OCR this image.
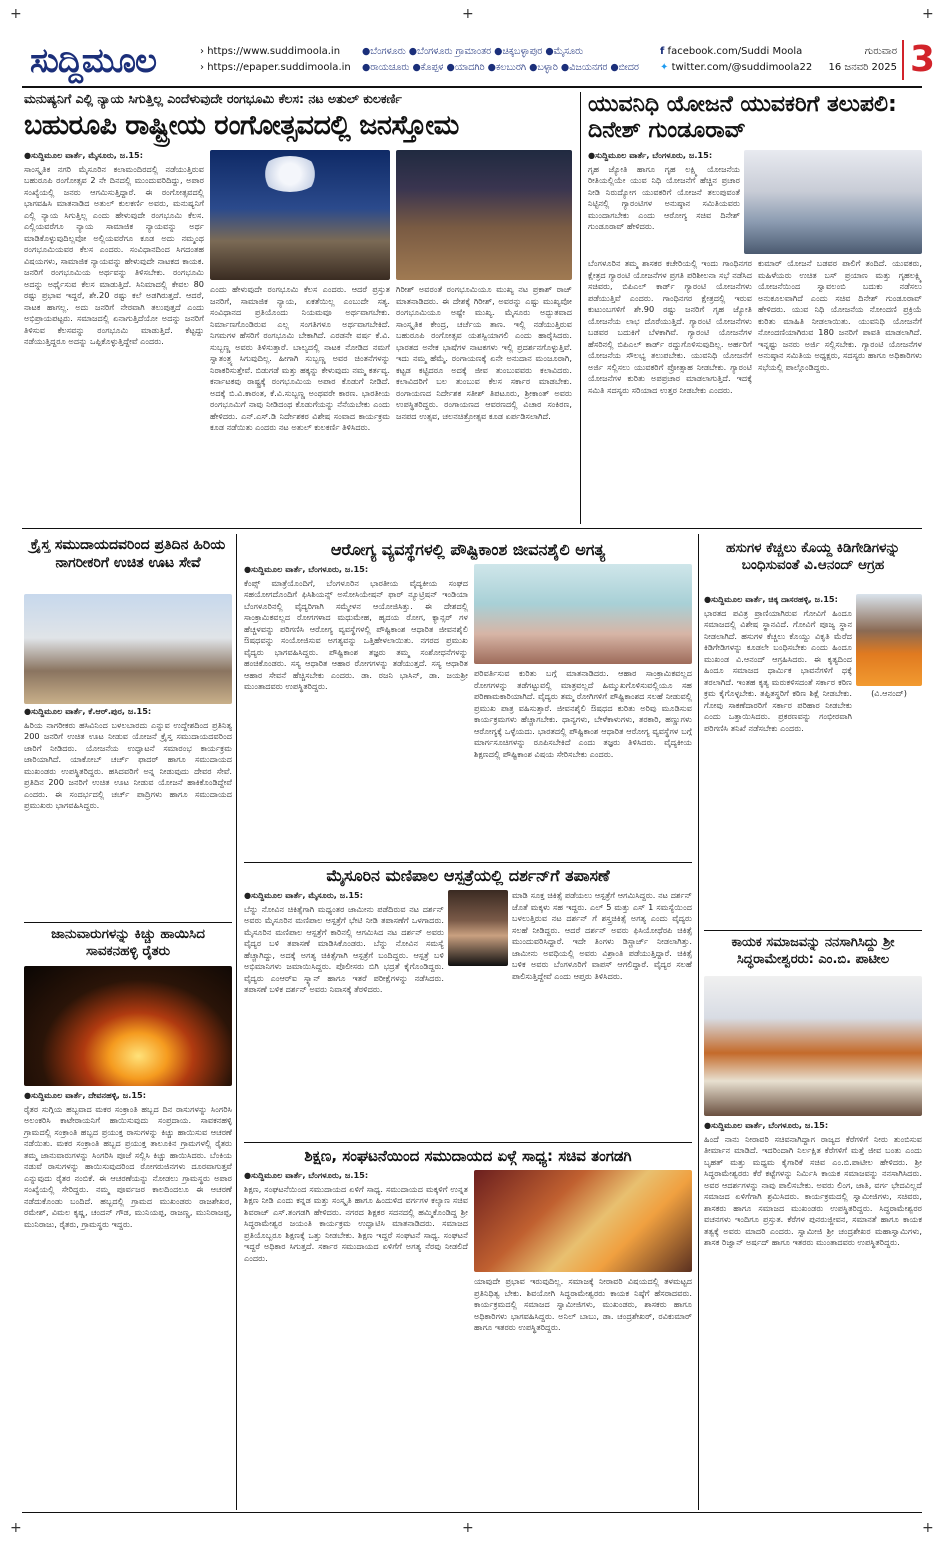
+	+	+
+	+	+
ಸುದ್ದಿಮೂಲ	› https://www.suddimoola.in
› https://epaper.suddimoola.in
●ಬೆಂಗಳೂರು ●ಬೆಂಗಳೂರು ಗ್ರಾಮಾಂತರ ●ಚಿಕ್ಕಬಳ್ಳಾಪುರ ●ಮೈಸೂರು
●ರಾಯಚೂರು ●ಕೊಪ್ಪಳ ●ಯಾದಗಿರಿ ●ಕಲಬುರಗಿ ●ಬಳ್ಳಾರಿ ●ವಿಜಯನಗರ ●ಬೀದರ
f facebook.com/Suddi Moola
✦ twitter.com/@suddimoola22
ಗುರುವಾರ
16 ಜನವರಿ 2025 3
ಮನುಷ್ಯನಿಗೆ ಎಲ್ಲಿ ನ್ಯಾಯ ಸಿಗುತ್ತಿಲ್ಲ ಎಂದೆಳುವುದೇ ರಂಗಭೂಮಿ ಕೆಲಸ: ನಟ ಅತುಲ್ ಕುಲಕರ್ಣಿ
ಬಹುರೂಪಿ ರಾಷ್ಟ್ರೀಯ ರಂಗೋತ್ಸವದಲ್ಲಿ ಜನಸ್ತೋಮ

●ಸುದ್ದಿಮೂಲ ವಾರ್ತೆ, ಮೈಸೂರು, ಜ.15:

ಸಾಂಸ್ಕೃತಿಕ ನಗರಿ ಮೈಸೂರಿನ ಕಲಾಮಂದಿರದಲ್ಲಿ ನಡೆಯುತ್ತಿರುವ ಬಹುರೂಪಿ ರಂಗೋತ್ಸವ 2 ನೇ ದಿನದಲ್ಲಿ ಮುಂದುವರಿದಿದ್ದು, ಅಪಾರ ಸಂಖ್ಯೆಯಲ್ಲಿ ಜನರು ಆಗಮಿಸುತ್ತಿದ್ದಾರೆ. ಈ ರಂಗೋತ್ಸವದಲ್ಲಿ ಭಾಗವಹಿಸಿ ಮಾತನಾಡಿದ ಅತುಲ್ ಕುಲಕರ್ಣಿ ಅವರು, ಮನುಷ್ಯನಿಗೆ ಎಲ್ಲಿ ನ್ಯಾಯ ಸಿಗುತ್ತಿಲ್ಲ ಎಂದು ಹೇಳುವುದೇ ರಂಗಭೂಮಿ ಕೆಲಸ. ಎಲ್ಲಿಯವರೆಗೂ ನ್ಯಾಯ ಸಾಮಾಜಿಕ ನ್ಯಾಯವನ್ನು ಅರ್ಥ ಮಾಡಿಕೊಳ್ಳುವುದಿಲ್ಲವೋ ಅಲ್ಲಿಯವರೆಗೂ ಕೂಡ ಅದು ನಮ್ಮಂಥ ರಂಗಭೂಮಿಯವರ ಕೆಲಸ ಎಂದರು. ಸಂವಿಧಾನದಿಂದ ಸಿಗದಂತಹ ವಿಷಯಗಳು, ಸಾಮಾಜಿಕ ನ್ಯಾಯವನ್ನು ಹೇಳುವುದೇ ನಾಟಕದ ಕಾಯಕ. ಜನರಿಗೆ ರಂಗಭೂಮಿಯ ಅರ್ಥವನ್ನು ತಿಳಿಸಬೇಕು. ರಂಗಭೂಮಿ ಅದನ್ನು ಅರ್ಥೈಸುವ ಕೆಲಸ ಮಾಡುತ್ತಿದೆ. ಸಿನಿಮಾದಲ್ಲಿ ಕೇವಲ 80 ರಷ್ಟು ಪ್ರಭಾವ ಇದ್ದರೆ, ಶೇ.20 ರಷ್ಟು ಕಲೆ ಅಡಗಿರುತ್ತದೆ. ಆದರೆ, ನಾಟಕ ಹಾಗಲ್ಲ. ಅದು ಜನರಿಗೆ ನೇರವಾಗಿ ತಲುಪುತ್ತದೆ ಎಂದು ಅಭಿಪ್ರಾಯಪಟ್ಟರು. ಸಮಾಜದಲ್ಲಿ ಏನಾಗುತ್ತಿದೆಯೋ ಅದನ್ನು ಜನರಿಗೆ ತಿಳಿಸುವ ಕೆಲಸವನ್ನು ರಂಗಭೂಮಿ ಮಾಡುತ್ತಿದೆ. ಕೆಟ್ಟದ್ದು ನಡೆಯುತ್ತಿದ್ದರೂ ಅದನ್ನು ಒಪ್ಪಿಕೊಳ್ಳುತ್ತಿದ್ದೇವೆ ಎಂದರು.

ಎಂದು ಹೇಳುವುದೇ ರಂಗಭೂಮಿ ಕೆಲಸ ಎಂದರು. ಆದರೆ ಪ್ರಸ್ತುತ ಜನರಿಗೆ, ಸಾಮಾಜಿಕ ನ್ಯಾಯ, ಏಕತೆಯಿಲ್ಲ ಎಂಬುದೇ ಸತ್ಯ. ಸಂವಿಧಾನದ ಪ್ರತಿಯೊಂದು ನಿಯಮವೂ ಅರ್ಥವಾಗಬೇಕು. ನಿರ್ಮಾಣಗೊಂಡಿರುವ ಎಲ್ಲ ಸಂಗತಿಗಳೂ ಅರ್ಥವಾಗಬೇಕಿದೆ. ನಿಗಮಗಳ ಹೆಸರಿಗೆ ರಂಗಭೂಮಿ ಬೇಕಾಗಿದೆ. ಎರಡನೇ ವರ್ಷ ಕೆ.ವಿ. ಸುಬ್ಬಣ್ಣ ಅವರು ತಿಳಿಸುತ್ತಾರೆ. ಬಾಲ್ಯದಲ್ಲಿ ನಾಟಕ ನೋಡಿದ ನಮಗೆ ಸ್ವಾತಂತ್ರ್ಯ ಸಿಗುವುದಿಲ್ಲ. ಹೀಗಾಗಿ ಸುಬ್ಬಣ್ಣ ಅವರ ಚಿಂತನೆಗಳನ್ನು ನಿರಾಕರಿಸುತ್ತೇವೆ. ಬಿಡುಗಡೆ ಮತ್ತು ಹಕ್ಕನ್ನು ಕೇಳುವುದು ನಮ್ಮ ಕರ್ತವ್ಯ. ಕರ್ನಾಟಕವು ರಾಷ್ಟ್ರಕ್ಕೆ ರಂಗಭೂಮಿಯ ಅಪಾರ ಕೊಡುಗೆ ನೀಡಿದೆ. ಅದಕ್ಕೆ ಬಿ.ವಿ.ಕಾರಂತ, ಕೆ.ವಿ.ಸುಬ್ಬಣ್ಣ ಅಂಥವರೇ ಕಾರಣ. ಭಾರತೀಯ ರಂಗಭೂಮಿಗೆ ನಾವು ನೀಡಿದಂಥ ಕೊಡುಗೆಯನ್ನು ನೆನೆಯಬೇಕು ಎಂದು ಹೇಳಿದರು. ಎನ್.ಎಸ್.ಡಿ ನಿರ್ದೇಶಕರ ವಿಶೇಷ ಸಂವಾದ ಕಾರ್ಯಕ್ರಮ ಕೂಡ ನಡೆಯಿತು ಎಂದರು ನಟ ಅತುಲ್ ಕುಲಕರ್ಣಿ ತಿಳಿಸಿದರು.

ಗಿರೀಶ್ ಅವರಂತೆ ರಂಗಭೂಮಿಯೂ ಮುಖ್ಯ ನಟ ಪ್ರಕಾಶ್ ರಾಜ್ ಮಾತನಾಡಿದರು. ಈ ದೇಶಕ್ಕೆ ಗಿರೀಶ್, ಅವರನ್ನು ಎಷ್ಟು ಮುಖ್ಯವೋ ರಂಗಭೂಮಿಯೂ ಅಷ್ಟೇ ಮುಖ್ಯ. ಮೈಸೂರು ಅದ್ಭುತವಾದ ಸಾಂಸ್ಕೃತಿಕ ಕೇಂದ್ರ, ಚರ್ಚೆಯ ತಾಣ. ಇಲ್ಲಿ ನಡೆಯುತ್ತಿರುವ ಬಹುರೂಪಿ ರಂಗೋತ್ಸವ ಯಶಸ್ವಿಯಾಗಲಿ ಎಂದು ಹಾರೈಸಿದರು. ಭಾರತದ ಅನೇಕ ಭಾಷೆಗಳ ನಾಟಕಗಳು ಇಲ್ಲಿ ಪ್ರದರ್ಶನಗೊಳ್ಳುತ್ತಿವೆ. ಇದು ನಮ್ಮ ಹೆಮ್ಮೆ. ರಂಗಾಯಣಕ್ಕೆ ಏನೇ ಅನುದಾನ ಮಂಜೂರಾಗಿ, ಕಟ್ಟಡ ಕಟ್ಟಿದರೂ ಅದಕ್ಕೆ ಜೀವ ತುಂಬುವವರು ಕಲಾವಿದರು. ಕಲಾವಿದರಿಗೆ ಬಲ ತುಂಬುವ ಕೆಲಸ ಸರ್ಕಾರ ಮಾಡಬೇಕು. ರಂಗಾಯಣದ ನಿರ್ದೇಶಕ ಸತೀಶ್ ತಿಪಟೂರು, ಶ್ರೀಕಾಂತ್ ಅವರು ಉಪಸ್ಥಿತರಿದ್ದರು. ರಂಗಾಯಣದ ಆವರಣದಲ್ಲಿ ವಿಚಾರ ಸಂಕಿರಣ, ಜನಪದ ಉತ್ಸವ, ಚಲನಚಿತ್ರೋತ್ಸವ ಕೂಡ ಏರ್ಪಡಿಸಲಾಗಿದೆ.

ಯುವನಿಧಿ ಯೋಜನೆ ಯುವಕರಿಗೆ ತಲುಪಲಿ: ದಿನೇಶ್ ಗುಂಡೂರಾವ್

●ಸುದ್ದಿಮೂಲ ವಾರ್ತೆ, ಬೆಂಗಳೂರು, ಜ.15:

ಗೃಹ ಜ್ಯೋತಿ ಹಾಗೂ ಗೃಹ ಲಕ್ಷ್ಮಿ ಯೋಜನೆಯ ರೀತಿಯಲ್ಲಿಯೇ ಯುವ ನಿಧಿ ಯೋಜನೆಗೆ ಹೆಚ್ಚಿನ ಪ್ರಚಾರ ನೀಡಿ ನಿರುದ್ಯೋಗ ಯುವಕರಿಗೆ ಯೋಜನೆ ತಲುಪುವಂತೆ ನಿಟ್ಟಿನಲ್ಲಿ ಗ್ಯಾರಂಟಿಗಳ ಅನುಷ್ಠಾನ ಸಮಿತಿಯವರು ಮುಂದಾಗಬೇಕು ಎಂದು ಆರೋಗ್ಯ ಸಚಿವ ದಿನೇಶ್ ಗುಂಡೂರಾವ್ ಹೇಳಿದರು.

ಬೆಂಗಳೂರಿನ ತಮ್ಮ ಶಾಸಕರ ಕಚೇರಿಯಲ್ಲಿ ಇಂದು ಗಾಂಧಿನಗರ ಕ್ಷೇತ್ರದ ಗ್ಯಾರಂಟಿ ಯೋಜನೆಗಳ ಪ್ರಗತಿ ಪರಿಶೀಲನಾ ಸಭೆ ನಡೆಸಿದ ಸಚಿವರು, ಬಿಪಿಎಲ್ ಕಾರ್ಡ್ ಗ್ಯಾರಂಟಿ ಯೋಜನೆಗಳು ಪಡೆಯುತ್ತಿವೆ ಎಂದರು. ಗಾಂಧಿನಗರ ಕ್ಷೇತ್ರದಲ್ಲಿ ಇರುವ ಕುಟುಂಬಗಳಿಗೆ ಶೇ.90 ರಷ್ಟು ಜನರಿಗೆ ಗೃಹ ಜ್ಯೋತಿ ಯೋಜನೆಯ ಲಾಭ ದೊರೆಯುತ್ತಿದೆ. ಗ್ಯಾರಂಟಿ ಯೋಜನೆಗಳು ಬಡವರ ಬದುಕಿಗೆ ಬೆಳಕಾಗಿವೆ. ಗ್ಯಾರಂಟಿ ಯೋಜನೆಗಳ ಹೆಸರಿನಲ್ಲಿ ಬಿಪಿಎಲ್ ಕಾರ್ಡ್ ರದ್ದುಗೊಳಿಸುವುದಿಲ್ಲ. ಅರ್ಹರಿಗೆ ಯೋಜನೆಯ ಸೌಲಭ್ಯ ತಲುಪಬೇಕು. ಯುವನಿಧಿ ಯೋಜನೆಗೆ ಅರ್ಜಿ ಸಲ್ಲಿಸಲು ಯುವಕರಿಗೆ ಪ್ರೋತ್ಸಾಹ ನೀಡಬೇಕು. ಗ್ಯಾರಂಟಿ ಯೋಜನೆಗಳ ಕುರಿತು ಅಪಪ್ರಚಾರ ಮಾಡಲಾಗುತ್ತಿದೆ. ಇದಕ್ಕೆ ಸಮಿತಿ ಸದಸ್ಯರು ಸರಿಯಾದ ಉತ್ತರ ನೀಡಬೇಕು ಎಂದರು.

ಕುಮಾರ್ ಯೋಜನೆ ಬಡವರ ಪಾಲಿಗೆ ತಂದಿದೆ. ಯುವಕರು, ಮಹಿಳೆಯರು ಉಚಿತ ಬಸ್ ಪ್ರಯಾಣ ಮತ್ತು ಗೃಹಲಕ್ಷ್ಮಿ ಯೋಜನೆಯಿಂದ ಸ್ವಾವಲಂಬಿ ಬದುಕು ನಡೆಸಲು ಅನುಕೂಲವಾಗಿದೆ ಎಂದು ಸಚಿವ ದಿನೇಶ್ ಗುಂಡೂರಾವ್ ಹೇಳಿದರು. ಯುವ ನಿಧಿ ಯೋಜನೆಯ ನೋಂದಣಿ ಪ್ರಕ್ರಿಯೆ ಕುರಿತು ಮಾಹಿತಿ ನೀಡಲಾಯಿತು. ಯುವನಿಧಿ ಯೋಜನೆಗೆ ನೋಂದಣಿಯಾಗಿರುವ 180 ಜನರಿಗೆ ಪಾವತಿ ಮಾಡಲಾಗಿದೆ. ಇನ್ನಷ್ಟು ಜನರು ಅರ್ಜಿ ಸಲ್ಲಿಸಬೇಕು. ಗ್ಯಾರಂಟಿ ಯೋಜನೆಗಳ ಅನುಷ್ಠಾನ ಸಮಿತಿಯ ಅಧ್ಯಕ್ಷರು, ಸದಸ್ಯರು ಹಾಗೂ ಅಧಿಕಾರಿಗಳು ಸಭೆಯಲ್ಲಿ ಪಾಲ್ಗೊಂಡಿದ್ದರು.

ಕ್ರೈಸ್ತ ಸಮುದಾಯದವರಿಂದ ಪ್ರತಿದಿನ ಹಿರಿಯ ನಾಗರೀಕರಿಗೆ ಉಚಿತ ಊಟ ಸೇವೆ

●ಸುದ್ದಿಮೂಲ ವಾರ್ತೆ, ಕೆ.ಆರ್.ಪುರ, ಜ.15:

ಹಿರಿಯ ನಾಗರೀಕರು ಹಸಿವಿನಿಂದ ಬಳಲಬಾರದು ಎನ್ನುವ ಉದ್ದೇಶದಿಂದ ಪ್ರತಿನಿತ್ಯ 200 ಜನರಿಗೆ ಉಚಿತ ಊಟ ನೀಡುವ ಯೋಜನೆ ಕ್ರೈಸ್ತ ಸಮುದಾಯದವರಿಂದ ಜಾರಿಗೆ ನೀಡಿದರು. ಯೋಜನೆಯ ಉದ್ಘಾಟನೆ ಸಮಾರಂಭ ಕಾರ್ಯಕ್ರಮ ಜಾರಿಯಾಗಿದೆ. ಯಾಕೋಬ್ ಚರ್ಚ್ ಫಾದರ್ ಹಾಗೂ ಸಮುದಾಯದ ಮುಖಂಡರು ಉಪಸ್ಥಿತರಿದ್ದರು. ಹಸಿದವರಿಗೆ ಅನ್ನ ನೀಡುವುದು ದೇವರ ಸೇವೆ. ಪ್ರತಿದಿನ 200 ಜನರಿಗೆ ಉಚಿತ ಊಟ ನೀಡುವ ಯೋಜನೆ ಹಾಕಿಕೊಂಡಿದ್ದೇವೆ ಎಂದರು. ಈ ಸಂದರ್ಭದಲ್ಲಿ ಚರ್ಚ್ ಪಾದ್ರಿಗಳು ಹಾಗೂ ಸಮುದಾಯದ ಪ್ರಮುಖರು ಭಾಗವಹಿಸಿದ್ದರು.

ಜಾನುವಾರುಗಳನ್ನು ಕಿಚ್ಚು ಹಾಯಿಸಿದ ಸಾವಕನಹಳ್ಳಿ ರೈತರು

●ಸುದ್ದಿಮೂಲ ವಾರ್ತೆ, ದೇವನಹಳ್ಳಿ, ಜ.15:

ರೈತರ ಸುಗ್ಗಿಯ ಹಬ್ಬವಾದ ಮಕರ ಸಂಕ್ರಾಂತಿ ಹಬ್ಬದ ದಿನ ರಾಸುಗಳನ್ನು ಸಿಂಗರಿಸಿ ಅಲಂಕರಿಸಿ ಕಾಟೇರಾಯನಿಗೆ ಹಾಯಿಸುವುದು ಸಂಪ್ರದಾಯ. ಸಾವಕನಹಳ್ಳಿ ಗ್ರಾಮದಲ್ಲಿ ಸಂಕ್ರಾಂತಿ ಹಬ್ಬದ ಪ್ರಯುಕ್ತ ರಾಸುಗಳನ್ನು ಕಿಚ್ಚು ಹಾಯಿಸುವ ಆಚರಣೆ ನಡೆಯಿತು. ಮಕರ ಸಂಕ್ರಾಂತಿ ಹಬ್ಬದ ಪ್ರಯುಕ್ತ ತಾಲೂಕಿನ ಗ್ರಾಮಗಳಲ್ಲಿ ರೈತರು ತಮ್ಮ ಜಾನುವಾರುಗಳನ್ನು ಸಿಂಗರಿಸಿ ಪೂಜೆ ಸಲ್ಲಿಸಿ ಕಿಚ್ಚು ಹಾಯಿಸಿದರು. ಬೆಂಕಿಯ ನಡುವೆ ರಾಸುಗಳನ್ನು ಹಾಯಿಸುವುದರಿಂದ ರೋಗರುಜಿನಗಳು ದೂರವಾಗುತ್ತವೆ ಎನ್ನುವುದು ರೈತರ ನಂಬಿಕೆ. ಈ ಆಚರಣೆಯನ್ನು ನೋಡಲು ಗ್ರಾಮಸ್ಥರು ಅಪಾರ ಸಂಖ್ಯೆಯಲ್ಲಿ ಸೇರಿದ್ದರು. ನಮ್ಮ ಪೂರ್ವಜರ ಕಾಲದಿಂದಲೂ ಈ ಆಚರಣೆ ನಡೆದುಕೊಂಡು ಬಂದಿದೆ. ಹಬ್ಬದಲ್ಲಿ ಗ್ರಾಮದ ಮುಖಂಡರು ರಾಜಶೇಖರ, ರಮೇಶ್, ವಿಮಲ ಕೃಷ್ಣ, ಚಂದನ್ ಗೌಡ, ಮುನಿಯಪ್ಪ, ರಾಜಣ್ಣ, ಮುನಿರಾಜಪ್ಪ, ಮುನಿರಾಜು, ರೈತರು, ಗ್ರಾಮಸ್ಥರು ಇದ್ದರು.

ಆರೋಗ್ಯ ವ್ಯವಸ್ಥೆಗಳಲ್ಲಿ ಪೌಷ್ಟಿಕಾಂಶ ಜೀವನಶೈಲಿ ಅಗತ್ಯ

●ಸುದ್ದಿಮೂಲ ವಾರ್ತೆ, ಬೆಂಗಳೂರು, ಜ.15:

ಕೆಂಪ್ಸ್ ಮಾತ್ರೆಯೊಂದಿಗೆ, ಬೆಂಗಳೂರಿನ ಭಾರತೀಯ ವೈದ್ಯಕೀಯ ಸಂಘದ ಸಹಯೋಗದೊಂದಿಗೆ ಫಿಸಿಶಿಯನ್ಸ್ ಅಸೋಸಿಯೇಷನ್ ಫಾರ್ ನ್ಯೂಟ್ರಿಷನ್ ಇಂಡಿಯಾ ಬೆಂಗಳೂರಿನಲ್ಲಿ ವೈದ್ಯರಿಗಾಗಿ ಸಮ್ಮೇಳನ ಆಯೋಜಿಸಿತ್ತು. ಈ ದೇಶದಲ್ಲಿ ಸಾಂಕ್ರಾಮಿಕವಲ್ಲದ ರೋಗಗಳಾದ ಮಧುಮೇಹ, ಹೃದಯ ರೋಗ, ಕ್ಯಾನ್ಸರ್ ಗಳ ಹೆಚ್ಚಳವನ್ನು ಪರಿಗಣಿಸಿ ಆರೋಗ್ಯ ವ್ಯವಸ್ಥೆಗಳಲ್ಲಿ ಪೌಷ್ಟಿಕಾಂಶ ಆಧಾರಿತ ಜೀವನಶೈಲಿ ಔಷಧವನ್ನು ಸಂಯೋಜಿಸುವ ಅಗತ್ಯವನ್ನು ಒತ್ತಿಹೇಳಲಾಯಿತು. ನಗರದ ಪ್ರಮುಖ ವೈದ್ಯರು ಭಾಗವಹಿಸಿದ್ದರು. ಪೌಷ್ಟಿಕಾಂಶ ತಜ್ಞರು ತಮ್ಮ ಸಂಶೋಧನೆಗಳನ್ನು ಹಂಚಿಕೊಂಡರು. ಸಸ್ಯ ಆಧಾರಿತ ಆಹಾರ ರೋಗಗಳನ್ನು ತಡೆಯುತ್ತದೆ. ಸಸ್ಯ ಆಧಾರಿತ ಆಹಾರ ಸೇವನೆ ಹೆಚ್ಚಿಸಬೇಕು ಎಂದರು. ಡಾ. ರಜನಿ ಭಾಸಿನ್, ಡಾ. ಜಯಶ್ರೀ ಮುಂತಾದವರು ಉಪಸ್ಥಿತರಿದ್ದರು.

ಪರಿವರ್ತಿಸುವ ಕುರಿತು ಬಗ್ಗೆ ಮಾತನಾಡಿದರು. ಆಹಾರ ಸಾಂಕ್ರಾಮಿಕವಲ್ಲದ ರೋಗಗಳನ್ನು ತಡೆಗಟ್ಟುವಲ್ಲಿ ಮಾತ್ರವಲ್ಲದೆ ಹಿಮ್ಮುಖಗೊಳಿಸುವಲ್ಲಿಯೂ ಸಹ ಪರಿಣಾಮಕಾರಿಯಾಗಿದೆ. ವೈದ್ಯರು ತಮ್ಮ ರೋಗಿಗಳಿಗೆ ಪೌಷ್ಟಿಕಾಂಶದ ಸಲಹೆ ನೀಡುವಲ್ಲಿ ಪ್ರಮುಖ ಪಾತ್ರ ವಹಿಸುತ್ತಾರೆ. ಜೀವನಶೈಲಿ ಔಷಧದ ಕುರಿತು ಅರಿವು ಮೂಡಿಸುವ ಕಾರ್ಯಕ್ರಮಗಳು ಹೆಚ್ಚಾಗಬೇಕು. ಧಾನ್ಯಗಳು, ಬೇಳೆಕಾಳುಗಳು, ತರಕಾರಿ, ಹಣ್ಣುಗಳು ಆರೋಗ್ಯಕ್ಕೆ ಒಳ್ಳೆಯದು. ಭಾರತದಲ್ಲಿ ಪೌಷ್ಟಿಕಾಂಶ ಆಧಾರಿತ ಆರೋಗ್ಯ ವ್ಯವಸ್ಥೆಗಳ ಬಗ್ಗೆ ಮಾರ್ಗಸೂಚಿಗಳನ್ನು ರೂಪಿಸಬೇಕಿದೆ ಎಂದು ತಜ್ಞರು ತಿಳಿಸಿದರು. ವೈದ್ಯಕೀಯ ಶಿಕ್ಷಣದಲ್ಲಿ ಪೌಷ್ಟಿಕಾಂಶ ವಿಷಯ ಸೇರಿಸಬೇಕು ಎಂದರು.

ಮೈಸೂರಿನ ಮಣಿಪಾಲ ಆಸ್ಪತ್ರೆಯಲ್ಲಿ ದರ್ಶನ್‌ಗೆ ತಪಾಸಣೆ

●ಸುದ್ದಿಮೂಲ ವಾರ್ತೆ, ಮೈಸೂರು, ಜ.15:

ಬೆನ್ನು ನೋವಿನ ಚಿಕಿತ್ಸೆಗಾಗಿ ಮಧ್ಯಂತರ ಜಾಮೀನು ಪಡೆದಿರುವ ನಟ ದರ್ಶನ್ ಅವರು ಮೈಸೂರಿನ ಮಣಿಪಾಲ ಆಸ್ಪತ್ರೆಗೆ ಭೇಟಿ ನೀಡಿ ತಪಾಸಣೆಗೆ ಒಳಗಾದರು. ಮೈಸೂರಿನ ಮಣಿಪಾಲ ಆಸ್ಪತ್ರೆಗೆ ಕಾರಿನಲ್ಲಿ ಆಗಮಿಸಿದ ನಟ ದರ್ಶನ್ ಅವರು ವೈದ್ಯರ ಬಳಿ ತಪಾಸಣೆ ಮಾಡಿಸಿಕೊಂಡರು. ಬೆನ್ನು ನೋವಿನ ಸಮಸ್ಯೆ ಹೆಚ್ಚಾಗಿದ್ದು, ಅದಕ್ಕೆ ಅಗತ್ಯ ಚಿಕಿತ್ಸೆಗಾಗಿ ಆಸ್ಪತ್ರೆಗೆ ಬಂದಿದ್ದರು. ಆಸ್ಪತ್ರೆ ಬಳಿ ಅಭಿಮಾನಿಗಳು ಜಮಾಯಿಸಿದ್ದರು. ಪೊಲೀಸರು ಬಿಗಿ ಭದ್ರತೆ ಕೈಗೊಂಡಿದ್ದರು. ವೈದ್ಯರು ಎಂಆರ್‌ಐ ಸ್ಕ್ಯಾನ್ ಹಾಗೂ ಇತರೆ ಪರೀಕ್ಷೆಗಳನ್ನು ನಡೆಸಿದರು. ತಪಾಸಣೆ ಬಳಿಕ ದರ್ಶನ್ ಅವರು ನಿವಾಸಕ್ಕೆ ತೆರಳಿದರು.

ಮಾಡಿ ಸೂಕ್ತ ಚಿಕಿತ್ಸೆ ಪಡೆಯಲು ಆಸ್ಪತ್ರೆಗೆ ಆಗಮಿಸಿದ್ದರು. ನಟ ದರ್ಶನ್ ಜೊತೆ ಮಕ್ಕಳು ಸಹ ಇದ್ದರು. ಎಲ್ 5 ಮತ್ತು ಎಸ್ 1 ಸಮಸ್ಯೆಯಿಂದ ಬಳಲುತ್ತಿರುವ ನಟ ದರ್ಶನ್ ಗೆ ಶಸ್ತ್ರಚಿಕಿತ್ಸೆ ಅಗತ್ಯ ಎಂದು ವೈದ್ಯರು ಸಲಹೆ ನೀಡಿದ್ದರು. ಆದರೆ ದರ್ಶನ್ ಅವರು ಫಿಸಿಯೋಥೆರಪಿ ಚಿಕಿತ್ಸೆ ಮುಂದುವರಿಸಿದ್ದಾರೆ. ಇದೇ ತಿಂಗಳು ಡಿಸ್ಚಾರ್ಜ್ ನೀಡಲಾಗಿತ್ತು. ಜಾಮೀನು ಅವಧಿಯಲ್ಲಿ ಅವರು ವಿಶ್ರಾಂತಿ ಪಡೆಯುತ್ತಿದ್ದಾರೆ. ಚಿಕಿತ್ಸೆ ಬಳಿಕ ಅವರು ಬೆಂಗಳೂರಿಗೆ ವಾಪಸ್ ಆಗಲಿದ್ದಾರೆ. ವೈದ್ಯರ ಸಲಹೆ ಪಾಲಿಸುತ್ತಿದ್ದೇವೆ ಎಂದು ಆಪ್ತರು ತಿಳಿಸಿದರು.

ಶಿಕ್ಷಣ, ಸಂಘಟನೆಯಿಂದ ಸಮುದಾಯದ ಏಳ್ಗೆ ಸಾಧ್ಯ: ಸಚಿವ ತಂಗಡಗಿ

●ಸುದ್ದಿಮೂಲ ವಾರ್ತೆ, ಬೆಂಗಳೂರು, ಜ.15:

ಶಿಕ್ಷಣ, ಸಂಘಟನೆಯಿಂದ ಸಮುದಾಯದ ಏಳಿಗೆ ಸಾಧ್ಯ. ಸಮುದಾಯದ ಮಕ್ಕಳಿಗೆ ಉನ್ನತ ಶಿಕ್ಷಣ ನೀಡಿ ಎಂದು ಕನ್ನಡ ಮತ್ತು ಸಂಸ್ಕೃತಿ ಹಾಗೂ ಹಿಂದುಳಿದ ವರ್ಗಗಳ ಕಲ್ಯಾಣ ಸಚಿವ ಶಿವರಾಜ್ ಎಸ್.ತಂಗಡಗಿ ಹೇಳಿದರು. ನಗರದ ಶಿಕ್ಷಕರ ಸದನದಲ್ಲಿ ಹಮ್ಮಿಕೊಂಡಿದ್ದ ಶ್ರೀ ಸಿದ್ಧರಾಮೇಶ್ವರ ಜಯಂತಿ ಕಾರ್ಯಕ್ರಮ ಉದ್ಘಾಟಿಸಿ ಮಾತನಾಡಿದರು. ಸಮಾಜದ ಪ್ರತಿಯೊಬ್ಬರೂ ಶಿಕ್ಷಣಕ್ಕೆ ಒತ್ತು ನೀಡಬೇಕು. ಶಿಕ್ಷಣ ಇದ್ದರೆ ಸಂಘಟನೆ ಸಾಧ್ಯ. ಸಂಘಟನೆ ಇದ್ದರೆ ಅಧಿಕಾರ ಸಿಗುತ್ತದೆ. ಸರ್ಕಾರ ಸಮುದಾಯದ ಏಳಿಗೆಗೆ ಅಗತ್ಯ ನೆರವು ನೀಡಲಿದೆ ಎಂದರು.

ಯಾವುದೇ ಪ್ರಭಾವ ಇರುವುದಿಲ್ಲ. ಸಮಾಜಕ್ಕೆ ನೀರಾವರಿ ವಿಷಯದಲ್ಲಿ ತಳಮಟ್ಟದ ಪ್ರತಿನಿಧಿತ್ವ ಬೇಕು. ಶಿವಯೋಗಿ ಸಿದ್ಧರಾಮೇಶ್ವರರು ಕಾಯಕ ನಿಷ್ಠೆಗೆ ಹೆಸರಾದವರು. ಕಾರ್ಯಕ್ರಮದಲ್ಲಿ ಸಮಾಜದ ಸ್ವಾಮೀಜಿಗಳು, ಮುಖಂಡರು, ಶಾಸಕರು ಹಾಗೂ ಅಧಿಕಾರಿಗಳು ಭಾಗವಹಿಸಿದ್ದರು. ಅನಿಲ್ ಬಾಬು, ಡಾ. ಚಂದ್ರಶೇಖರ್, ರವಿಕುಮಾರ್ ಹಾಗೂ ಇತರರು ಉಪಸ್ಥಿತರಿದ್ದರು.

ಹಸುಗಳ ಕೆಚ್ಚಲು ಕೊಯ್ದ ಕಿಡಿಗೇಡಿಗಳನ್ನು ಬಂಧಿಸುವಂತೆ ವಿ.ಆನಂದ್ ಆಗ್ರಹ

●ಸುದ್ದಿಮೂಲ ವಾರ್ತೆ, ಚಿಕ್ಕ ದಾಸರಹಳ್ಳಿ, ಜ.15:

ಭಾರತದ ಪವಿತ್ರ ಪ್ರಾಣಿಯಾಗಿರುವ ಗೋವಿಗೆ ಹಿಂದೂ ಸಮಾಜದಲ್ಲಿ ವಿಶೇಷ ಸ್ಥಾನವಿದೆ. ಗೋವಿಗೆ ಪೂಜ್ಯ ಸ್ಥಾನ ನೀಡಲಾಗಿದೆ. ಹಸುಗಳ ಕೆಚ್ಚಲು ಕೊಯ್ದು ವಿಕೃತಿ ಮೆರೆದ ಕಿಡಿಗೇಡಿಗಳನ್ನು ಕೂಡಲೇ ಬಂಧಿಸಬೇಕು ಎಂದು ಹಿಂದೂ ಮುಖಂಡ ವಿ.ಆನಂದ್ ಆಗ್ರಹಿಸಿದರು. ಈ ಕೃತ್ಯದಿಂದ ಹಿಂದೂ ಸಮಾಜದ ಧಾರ್ಮಿಕ ಭಾವನೆಗಳಿಗೆ ಧಕ್ಕೆ ತರಲಾಗಿದೆ. ಇಂತಹ ಕೃತ್ಯ ಮರುಕಳಿಸದಂತೆ ಸರ್ಕಾರ ಕಠಿಣ ಕ್ರಮ ಕೈಗೊಳ್ಳಬೇಕು. ತಪ್ಪಿತಸ್ಥರಿಗೆ ಕಠಿಣ ಶಿಕ್ಷೆ ನೀಡಬೇಕು. ಗೋವು ಸಾಕಣೆದಾರರಿಗೆ ಸರ್ಕಾರ ಪರಿಹಾರ ನೀಡಬೇಕು ಎಂದು ಒತ್ತಾಯಿಸಿದರು. ಪ್ರಕರಣವನ್ನು ಗಂಭೀರವಾಗಿ ಪರಿಗಣಿಸಿ ತನಿಖೆ ನಡೆಸಬೇಕು ಎಂದರು.

(ವಿ.ಆನಂದ್)
ಕಾಯಕ ಸಮಾಜವನ್ನು ನನಸಾಗಿಸಿದ್ದು ಶ್ರೀ ಸಿದ್ಧರಾಮೇಶ್ವರರು: ಎಂ.ಬಿ. ಪಾಟೀಲ

●ಸುದ್ದಿಮೂಲ ವಾರ್ತೆ, ಬೆಂಗಳೂರು, ಜ.15:

ಹಿಂದೆ ನಾನು ನೀರಾವರಿ ಸಚಿವನಾಗಿದ್ದಾಗ ರಾಜ್ಯದ ಕೆರೆಗಳಿಗೆ ನೀರು ತುಂಬಿಸುವ ತೀರ್ಮಾನ ಮಾಡಿದೆ. ಇದರಿಂದಾಗಿ ನಿರ್ಲಕ್ಷಿತ ಕೆರೆಗಳಿಗೆ ಮತ್ತೆ ಜೀವ ಬಂತು ಎಂದು ಬೃಹತ್ ಮತ್ತು ಮಧ್ಯಮ ಕೈಗಾರಿಕೆ ಸಚಿವ ಎಂ.ಬಿ.ಪಾಟೀಲ ಹೇಳಿದರು. ಶ್ರೀ ಸಿದ್ಧರಾಮೇಶ್ವರರು ಕೆರೆ ಕಟ್ಟೆಗಳನ್ನು ನಿರ್ಮಿಸಿ ಕಾಯಕ ಸಮಾಜವನ್ನು ನನಸಾಗಿಸಿದರು. ಅವರ ಆದರ್ಶಗಳನ್ನು ನಾವು ಪಾಲಿಸಬೇಕು. ಅವರು ಲಿಂಗ, ಜಾತಿ, ವರ್ಗ ಭೇದವಿಲ್ಲದೆ ಸಮಾಜದ ಏಳಿಗೆಗಾಗಿ ಶ್ರಮಿಸಿದರು. ಕಾರ್ಯಕ್ರಮದಲ್ಲಿ ಸ್ವಾಮೀಜಿಗಳು, ಸಚಿವರು, ಶಾಸಕರು ಹಾಗೂ ಸಮಾಜದ ಮುಖಂಡರು ಉಪಸ್ಥಿತರಿದ್ದರು. ಸಿದ್ಧರಾಮೇಶ್ವರರ ವಚನಗಳು ಇಂದಿಗೂ ಪ್ರಸ್ತುತ. ಕೆರೆಗಳ ಪುನರುಜ್ಜೀವನ, ಸಮಾನತೆ ಹಾಗೂ ಕಾಯಕ ತತ್ವಕ್ಕೆ ಅವರು ಮಾದರಿ ಎಂದರು. ಸ್ವಾಮೀಜಿ ಶ್ರೀ ಚಂದ್ರಶೇಖರ ಮಹಾಸ್ವಾಮಿಗಳು, ಶಾಸಕ ರಿಜ್ವಾನ್ ಅರ್ಷದ್ ಹಾಗೂ ಇತರರು ಮುಂತಾದವರು ಉಪಸ್ಥಿತರಿದ್ದರು.
